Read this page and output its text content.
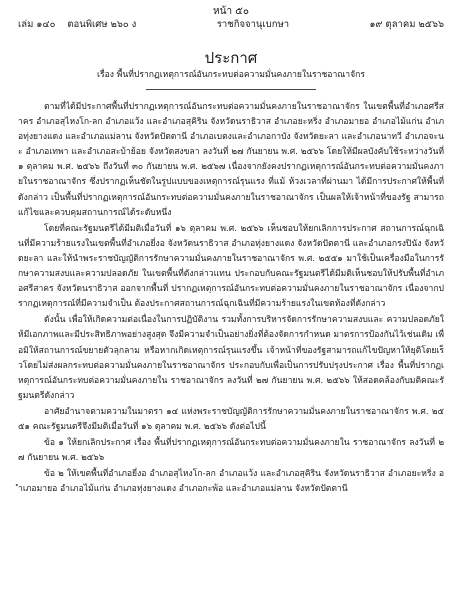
หน้า ๕๐
เล่ม ๑๔๐ ตอนพิเศษ ๒๖๐ ง	ราชกิจจานุเบกษา	๑๙ ตุลาคม ๒๕๖๖
ประกาศ
เรื่อง พื้นที่ปรากฏเหตุการณ์อันกระทบต่อความมั่นคงภายในราชอาณาจักร

ตามที่ได้มีประกาศพื้นที่ปรากฏเหตุการณ์อันกระทบต่อความมั่นคงภายในราชอาณาจักร ในเขตพื้นที่อำเภอศรีสาคร อำเภอสุไหงโก-ลก อำเภอแว้ง และอำเภอสุคิริน จังหวัดนราธิวาส อำเภอยะหริ่ง อำเภอมายอ อำเภอไม้แก่น อำเภอทุ่งยางแดง และอำเภอแม่ลาน จังหวัดปัตตานี อำเภอเบตงและอำเภอกาบัง จังหวัดยะลา และอำเภอนาทวี อำเภอจะนะ อำเภอเทพา และอำเภอสะบ้าย้อย จังหวัดสงขลา ลงวันที่ ๒๗ กันยายน พ.ศ. ๒๕๖๖ โดยให้มีผลบังคับใช้ระหว่างวันที่ ๑ ตุลาคม พ.ศ. ๒๕๖๖ ถึงวันที่ ๓๐ กันยายน พ.ศ. ๒๕๖๗ เนื่องจากยังคงปรากฏเหตุการณ์อันกระทบต่อความมั่นคงภายในราชอาณาจักร ซึ่งปรากฏเห็นชัดในรูปแบบของเหตุการณ์รุนแรง ที่แม้ ห้วงเวลาที่ผ่านมา ได้มีการประกาศให้พื้นที่ดังกล่าว เป็นพื้นที่ปรากฏเหตุการณ์อันกระทบต่อความมั่นคงภายในราชอาณาจักร เป็นผลให้เจ้าหน้าที่ของรัฐ สามารถแก้ไขและควบคุมสถานการณ์ได้ระดับหนึ่ง

โดยที่คณะรัฐมนตรีได้มีมติเมื่อวันที่ ๑๖ ตุลาคม พ.ศ. ๒๕๖๖ เห็นชอบให้ยกเลิกการประกาศ สถานการณ์ฉุกเฉินที่มีความร้ายแรงในเขตพื้นที่อำเภอยี่งอ จังหวัดนราธิวาส อำเภอทุ่งยางแดง จังหวัดปัตตานี และอำเภอกรงปินัง จังหวัดยะลา และให้นำพระราชบัญญัติการรักษาความมั่นคงภายในราชอาณาจักร พ.ศ. ๒๕๕๑ มาใช้เป็นเครื่องมือในการรักษาความสงบและความปลอดภัย ในเขตพื้นที่ดังกล่าวแทน ประกอบกับคณะรัฐมนตรีได้มีมติเห็นชอบให้ปรับพื้นที่อำเภอศรีสาคร จังหวัดนราธิวาส ออกจากพื้นที่ ปรากฏเหตุการณ์อันกระทบต่อความมั่นคงภายในราชอาณาจักร เนื่องจากปรากฏเหตุการณ์ที่มีความจำเป็น ต้องประกาศสถานการณ์ฉุกเฉินที่มีความร้ายแรงในเขตท้องที่ดังกล่าว

ดังนั้น เพื่อให้เกิดความต่อเนื่องในการปฏิบัติงาน รวมทั้งการบริหารจัดการรักษาความสงบและ ความปลอดภัยให้มีเอกภาพและมีประสิทธิภาพอย่างสูงสุด จึงมีความจำเป็นอย่างยิ่งที่ต้องจัดการกำหนด มาตรการป้องกันไว้เช่นเดิม เพื่อมิให้สถานการณ์ขยายตัวลุกลาม หรือหากเกิดเหตุการณ์รุนแรงขึ้น เจ้าหน้าที่ของรัฐสามารถแก้ไขปัญหาให้ยุติโดยเร็วโดยไม่ส่งผลกระทบต่อความมั่นคงภายในราชอาณาจักร ประกอบกับเพื่อเป็นการปรับปรุงประกาศ เรื่อง พื้นที่ปรากฏเหตุการณ์อันกระทบต่อความมั่นคงภายใน ราชอาณาจักร ลงวันที่ ๒๗ กันยายน พ.ศ. ๒๕๖๖ ให้สอดคล้องกับมติคณะรัฐมนตรีดังกล่าว

อาศัยอำนาจตามความในมาตรา ๑๔ แห่งพระราชบัญญัติการรักษาความมั่นคงภายในราชอาณาจักร พ.ศ. ๒๕๕๑ คณะรัฐมนตรีจึงมีมติเมื่อวันที่ ๑๖ ตุลาคม พ.ศ. ๒๕๖๖ ดังต่อไปนี้

ข้อ ๑ ให้ยกเลิกประกาศ เรื่อง พื้นที่ปรากฏเหตุการณ์อันกระทบต่อความมั่นคงภายใน ราชอาณาจักร ลงวันที่ ๒๗ กันยายน พ.ศ. ๒๕๖๖

ข้อ ๒ ให้เขตพื้นที่อำเภอยี่งอ อำเภอสุไหงโก-ลก อำเภอแว้ง และอำเภอสุคิริน จังหวัดนราธิวาส อำเภอยะหริ่ง อำเภอมายอ อำเภอไม้แก่น อำเภอทุ่งยางแดง อำเภอกะพ้อ และอำเภอแม่ลาน จังหวัดปัตตานี
